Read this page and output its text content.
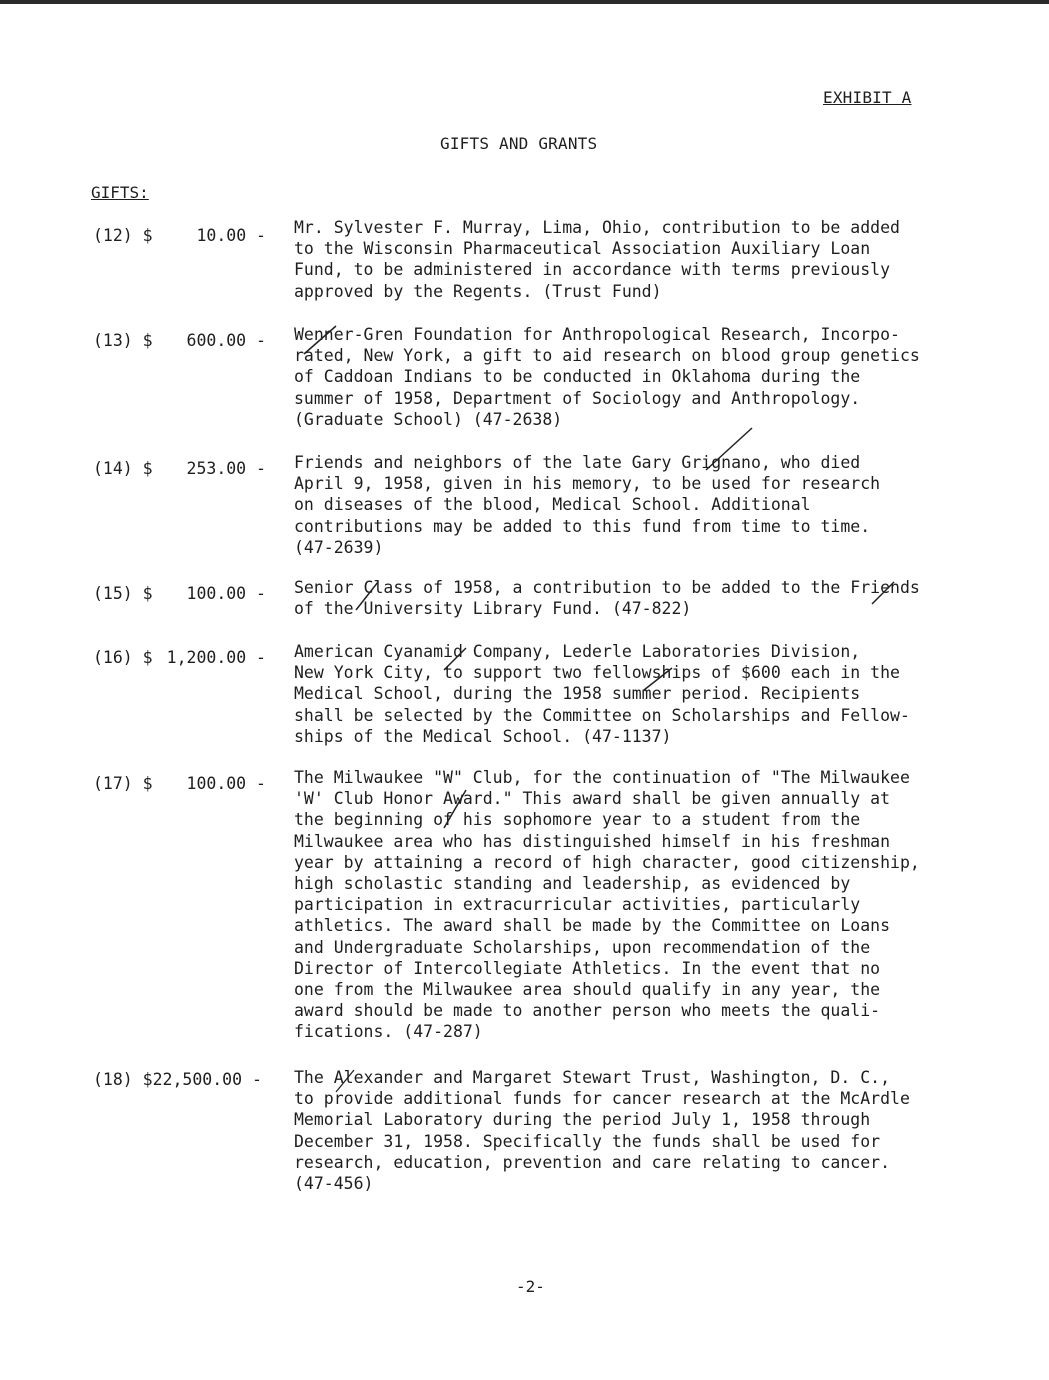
EXHIBIT A
GIFTS AND GRANTS
GIFTS:
(12) $	10.00 - Mr. Sylvester F. Murray, Lima, Ohio, contribution to be added
to the Wisconsin Pharmaceutical Association Auxiliary Loan
Fund, to be administered in accordance with terms previously
approved by the Regents. (Trust Fund)
(13) $ 600.00 - Wenner-Gren Foundation for Anthropological Research, Incorpo-
rated, New York, a gift to aid research on blood group genetics
of Caddoan Indians to be conducted in Oklahoma during the
summer of 1958, Department of Sociology and Anthropology.
(Graduate School) (47-2638)
(14) $ 253.00 - Friends and neighbors of the late Gary Grignano, who died
April 9, 1958, given in his memory, to be used for research
on diseases of the blood, Medical School. Additional
contributions may be added to this fund from time to time.
(47-2639)
(15) $ 100.00 - Senior Class of 1958, a contribution to be added to the Friends
of the University Library Fund. (47-822)
(16) $ 1,200.00 - American Cyanamid Company, Lederle Laboratories Division,
New York City, to support two fellowships of $600 each in the
Medical School, during the 1958 summer period. Recipients
shall be selected by the Committee on Scholarships and Fellow-
ships of the Medical School. (47-1137)
(17) $ 100.00 - The Milwaukee "W" Club, for the continuation of "The Milwaukee
'W' Club Honor Award." This award shall be given annually at
the beginning of his sophomore year to a student from the
Milwaukee area who has distinguished himself in his freshman
year by attaining a record of high character, good citizenship,
high scholastic standing and leadership, as evidenced by
participation in extracurricular activities, particularly
athletics. The award shall be made by the Committee on Loans
and Undergraduate Scholarships, upon recommendation of the
Director of Intercollegiate Athletics. In the event that no
one from the Milwaukee area should qualify in any year, the
award should be made to another person who meets the quali-
fications. (47-287)
(18) $22,500.00 - The Alexander and Margaret Stewart Trust, Washington, D. C.,
to provide additional funds for cancer research at the McArdle
Memorial Laboratory during the period July 1, 1958 through
December 31, 1958. Specifically the funds shall be used for
research, education, prevention and care relating to cancer.
(47-456)
-2-
